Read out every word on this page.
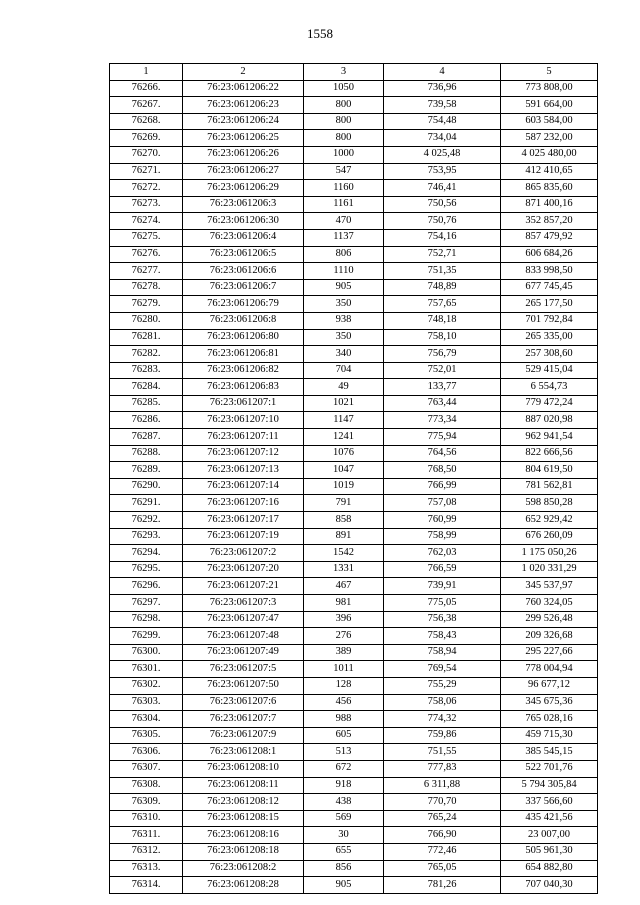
1558
1	2	3	4	5
76266.	76:23:061206:22	1050	736,96	773 808,00
76267.	76:23:061206:23	800	739,58	591 664,00
76268.	76:23:061206:24	800	754,48	603 584,00
76269.	76:23:061206:25	800	734,04	587 232,00
76270.	76:23:061206:26	1000	4 025,48	4 025 480,00
76271.	76:23:061206:27	547	753,95	412 410,65
76272.	76:23:061206:29	1160	746,41	865 835,60
76273.	76:23:061206:3	1161	750,56	871 400,16
76274.	76:23:061206:30	470	750,76	352 857,20
76275.	76:23:061206:4	1137	754,16	857 479,92
76276.	76:23:061206:5	806	752,71	606 684,26
76277.	76:23:061206:6	1110	751,35	833 998,50
76278.	76:23:061206:7	905	748,89	677 745,45
76279.	76:23:061206:79	350	757,65	265 177,50
76280.	76:23:061206:8	938	748,18	701 792,84
76281.	76:23:061206:80	350	758,10	265 335,00
76282.	76:23:061206:81	340	756,79	257 308,60
76283.	76:23:061206:82	704	752,01	529 415,04
76284.	76:23:061206:83	49	133,77	6 554,73
76285.	76:23:061207:1	1021	763,44	779 472,24
76286.	76:23:061207:10	1147	773,34	887 020,98
76287.	76:23:061207:11	1241	775,94	962 941,54
76288.	76:23:061207:12	1076	764,56	822 666,56
76289.	76:23:061207:13	1047	768,50	804 619,50
76290.	76:23:061207:14	1019	766,99	781 562,81
76291.	76:23:061207:16	791	757,08	598 850,28
76292.	76:23:061207:17	858	760,99	652 929,42
76293.	76:23:061207:19	891	758,99	676 260,09
76294.	76:23:061207:2	1542	762,03	1 175 050,26
76295.	76:23:061207:20	1331	766,59	1 020 331,29
76296.	76:23:061207:21	467	739,91	345 537,97
76297.	76:23:061207:3	981	775,05	760 324,05
76298.	76:23:061207:47	396	756,38	299 526,48
76299.	76:23:061207:48	276	758,43	209 326,68
76300.	76:23:061207:49	389	758,94	295 227,66
76301.	76:23:061207:5	1011	769,54	778 004,94
76302.	76:23:061207:50	128	755,29	96 677,12
76303.	76:23:061207:6	456	758,06	345 675,36
76304.	76:23:061207:7	988	774,32	765 028,16
76305.	76:23:061207:9	605	759,86	459 715,30
76306.	76:23:061208:1	513	751,55	385 545,15
76307.	76:23:061208:10	672	777,83	522 701,76
76308.	76:23:061208:11	918	6 311,88	5 794 305,84
76309.	76:23:061208:12	438	770,70	337 566,60
76310.	76:23:061208:15	569	765,24	435 421,56
76311.	76:23:061208:16	30	766,90	23 007,00
76312.	76:23:061208:18	655	772,46	505 961,30
76313.	76:23:061208:2	856	765,05	654 882,80
76314.	76:23:061208:28	905	781,26	707 040,30
